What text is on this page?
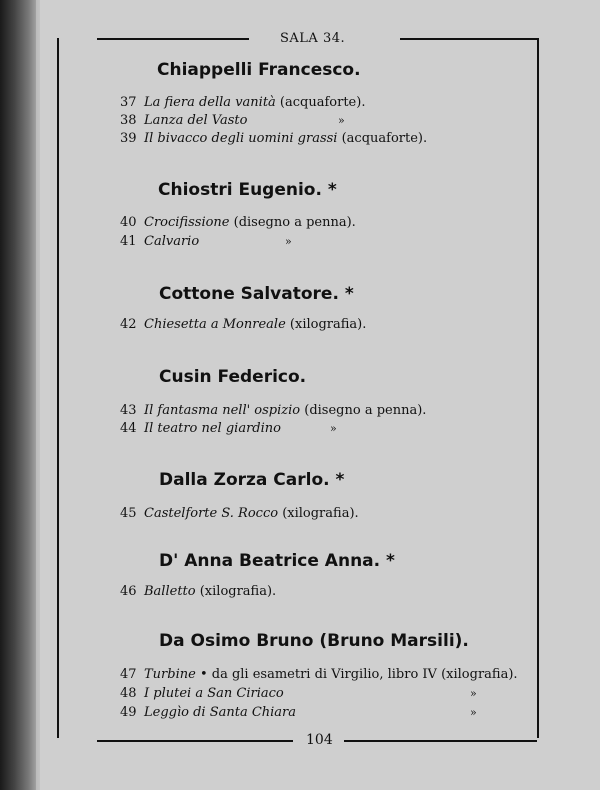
SALA 34.
104
Chiappelli Francesco.
37 La fiera della vanità (acquaforte).
38 Lanza del Vasto	»
39 Il bivacco degli uomini grassi (acquaforte).
Chiostri Eugenio. *
40 Crocifissione (disegno a penna).
41 Calvario	»
Cottone Salvatore. *
42 Chiesetta a Monreale (xilografia).
Cusin Federico.
43 Il fantasma nell' ospizio (disegno a penna).
44 Il teatro nel giardino	»
Dalla Zorza Carlo. *
45 Castelforte S. Rocco (xilografia).
D' Anna Beatrice Anna. *
46 Balletto (xilografia).
Da Osimo Bruno (Bruno Marsili).
47 Turbine • da gli esametri di Virgilio, libro IV (xilografia).
48 I plutei a San Ciriaco	»
49 Leggìo di Santa Chiara	»
